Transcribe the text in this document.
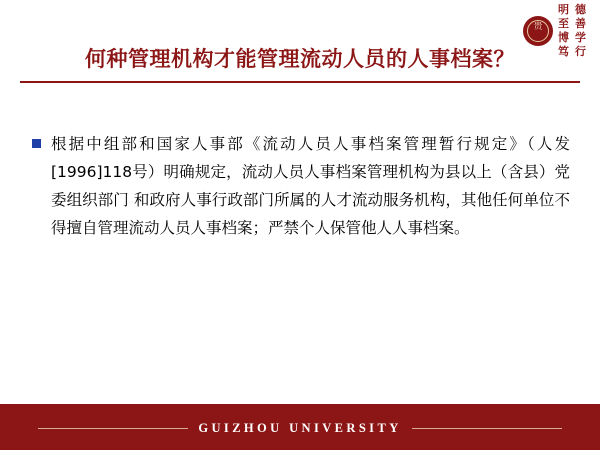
贵
明 德
至 善
博 学
笃 行
何种管理机构才能管理流动人员的人事档案？
根据中组部和国家人事部《流动人员人事档案管理暂行规定》（人发[1996]118号）明确规定，流动人员人事档案管理机构为县以上（含县）党委组织部门 和政府人事行政部门所属的人才流动服务机构，其他任何单位不得擅自管理流动人员人事档案；严禁个人保管他人人事档案。
GUIZHOU UNIVERSITY
